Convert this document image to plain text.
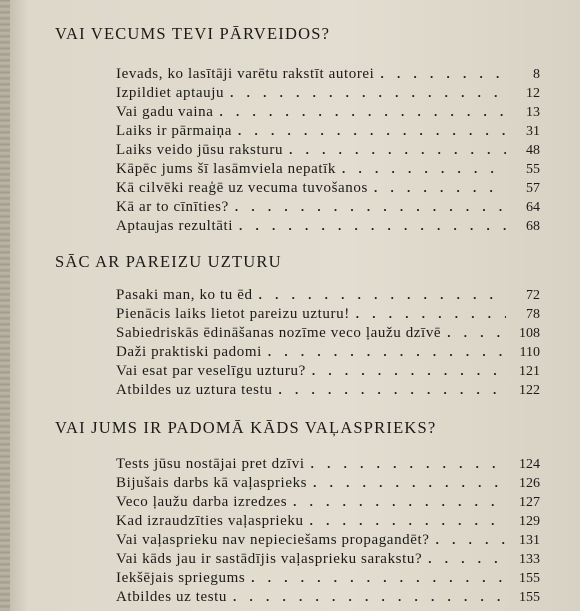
VAI VECUMS TEVI PĀRVEIDOS?
Ievads, ko lasītāji varētu rakstīt autorei . . .	8
Izpildiet aptauju . . .	12
Vai gadu vaina . . .	13
Laiks ir pārmaiņa . . .	31
Laiks veido jūsu raksturu . . .	48
Kāpēc jums šī lasāmviela nepatīk . . .	55
Kā cilvēki reaģē uz vecuma tuvošanos . . .	57
Kā ar to cīnīties? . . .	64
Aptaujas rezultāti . . .	68
SĀC AR PAREIZU UZTURU
Pasaki man, ko tu ēd . . .	72
Pienācis laiks lietot pareizu uzturu! . . .	78
Sabiedriskās ēdināšanas nozīme veco ļaužu dzīvē . . .	108
Daži praktiski padomi . . .	110
Vai esat par veselīgu uzturu? . . .	121
Atbildes uz uztura testu . . .	122
VAI JUMS IR PADOMĀ KĀDS VAĻASPRIEKS?
Tests jūsu nostājai pret dzīvi . . .	124
Bijušais darbs kā vaļasprieks . . .	126
Veco ļaužu darba izredzes . . .	127
Kad izraudzīties vaļasprieku . . .	129
Vai vaļasprieku nav nepieciešams propagandēt? . . .	131
Vai kāds jau ir sastādījis vaļasprieku sarakstu? . . .	133
Iekšējais spriegums . . .	155
Atbildes uz testu . . .	155
